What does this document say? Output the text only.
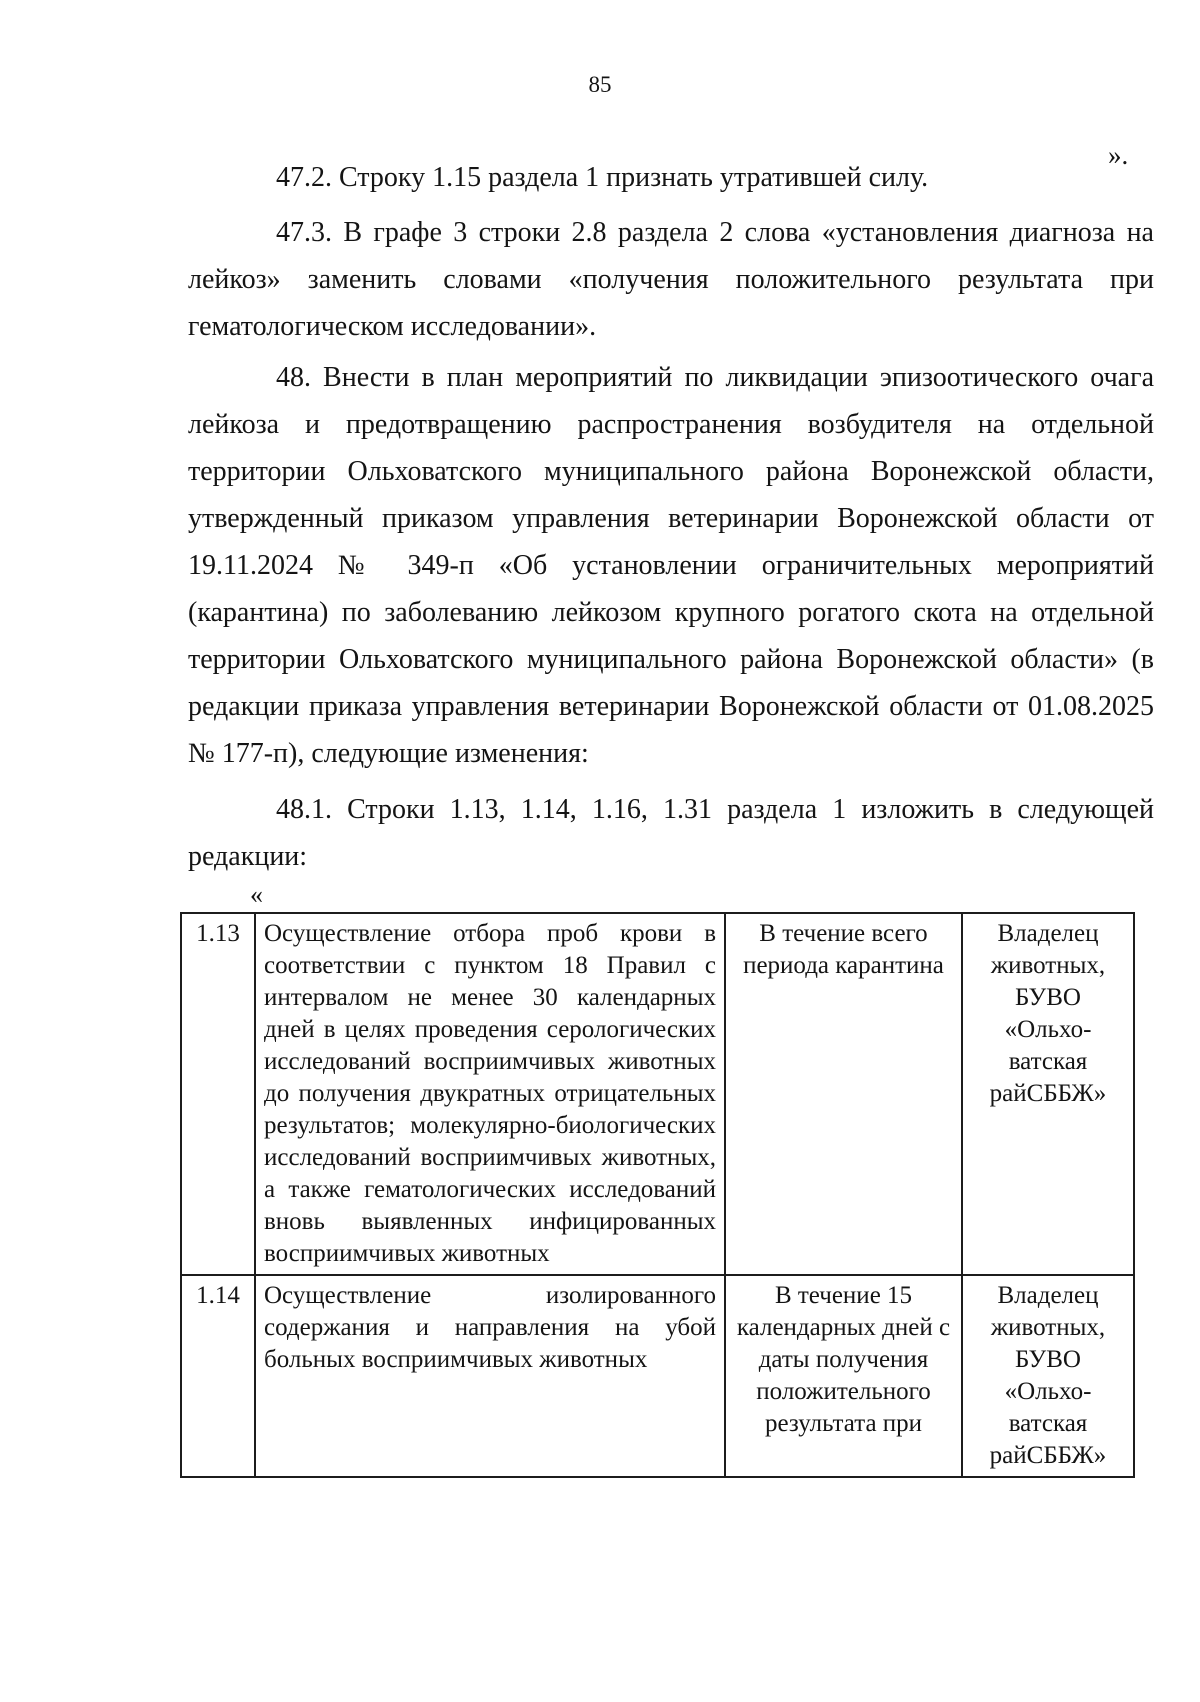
85
».

47.2. Строку 1.15 раздела 1 признать утратившей силу.

47.3. В графе 3 строки 2.8 раздела 2 слова «установления диагноза на лейкоз» заменить словами «получения положительного результата при гематологическом исследовании».

48. Внести в план мероприятий по ликвидации эпизоотического очага лейкоза и предотвращению распространения возбудителя на отдельной территории Ольховатского муниципального района Воронежской области, утвержденный приказом управления ветеринарии Воронежской области от 19.11.2024 № 349-п «Об установлении ограничительных мероприятий (карантина) по заболеванию лейкозом крупного рогатого скота на отдельной территории Ольховатского муниципального района Воронежской области» (в редакции приказа управления ветеринарии Воронежской области от 01.08.2025 № 177-п), следующие изменения:

48.1. Строки 1.13, 1.14, 1.16, 1.31 раздела 1 изложить в следующей редакции:

«
1.13	Осуществление отбора проб крови в соответствии с пунктом 18 Правил с интервалом не менее 30 календарных дней в целях проведения серологических исследований восприимчивых животных до получения двукратных отрицательных результатов; молекулярно-биологических исследований восприимчивых животных, а также гематологических исследований вновь выявленных инфицированных восприимчивых животных	В течение всего периода карантина	Владелец животных, БУВО «Ольхо-ватская райСББЖ»
1.14	Осуществление изолированного содержания и направления на убой больных восприимчивых животных	В течение 15 календарных дней с даты получения положительного результата при	Владелец животных, БУВО «Ольхо-ватская райСББЖ»
